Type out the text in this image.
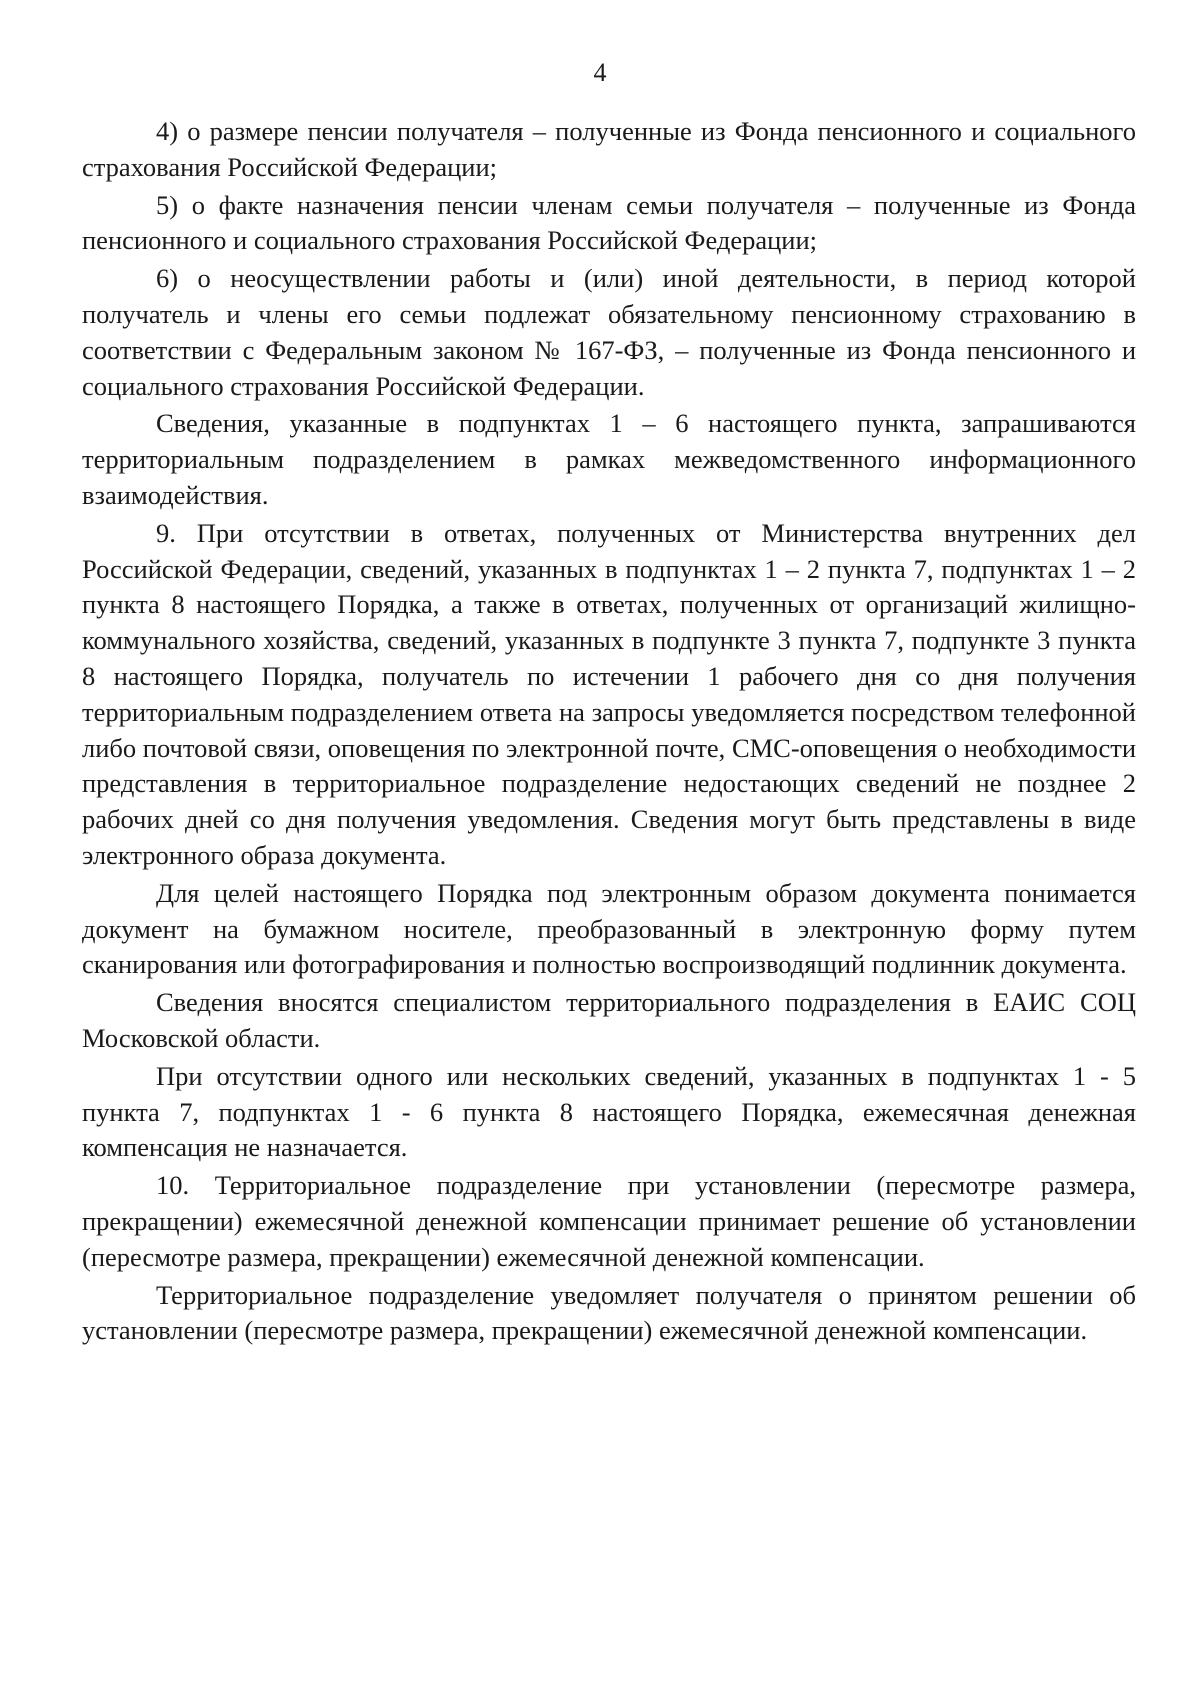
4

4) о размере пенсии получателя – полученные из Фонда пенсионного и социального страхования Российской Федерации;

5) о факте назначения пенсии членам семьи получателя – полученные из Фонда пенсионного и социального страхования Российской Федерации;

6) о неосуществлении работы и (или) иной деятельности, в период которой получатель и члены его семьи подлежат обязательному пенсионному страхованию в соответствии с Федеральным законом № 167-ФЗ, – полученные из Фонда пенсионного и социального страхования Российской Федерации.

Сведения, указанные в подпунктах 1 – 6 настоящего пункта, запрашиваются территориальным подразделением в рамках межведомственного информационного взаимодействия.

9. При отсутствии в ответах, полученных от Министерства внутренних дел Российской Федерации, сведений, указанных в подпунктах 1 – 2 пункта 7, подпунктах 1 – 2 пункта 8 настоящего Порядка, а также в ответах, полученных от организаций жилищно-коммунального хозяйства, сведений, указанных в подпункте 3 пункта 7, подпункте 3 пункта 8 настоящего Порядка, получатель по истечении 1 рабочего дня со дня получения территориальным подразделением ответа на запросы уведомляется посредством телефонной либо почтовой связи, оповещения по электронной почте, СМС-оповещения о необходимости представления в территориальное подразделение недостающих сведений не позднее 2 рабочих дней со дня получения уведомления. Сведения могут быть представлены в виде электронного образа документа.

Для целей настоящего Порядка под электронным образом документа понимается документ на бумажном носителе, преобразованный в электронную форму путем сканирования или фотографирования и полностью воспроизводящий подлинник документа.

Сведения вносятся специалистом территориального подразделения в ЕАИС СОЦ Московской области.

При отсутствии одного или нескольких сведений, указанных в подпунктах 1 - 5 пункта 7, подпунктах 1 - 6 пункта 8 настоящего Порядка, ежемесячная денежная компенсация не назначается.

10. Территориальное подразделение при установлении (пересмотре размера, прекращении) ежемесячной денежной компенсации принимает решение об установлении (пересмотре размера, прекращении) ежемесячной денежной компенсации.

Территориальное подразделение уведомляет получателя о принятом решении об установлении (пересмотре размера, прекращении) ежемесячной денежной компенсации.
